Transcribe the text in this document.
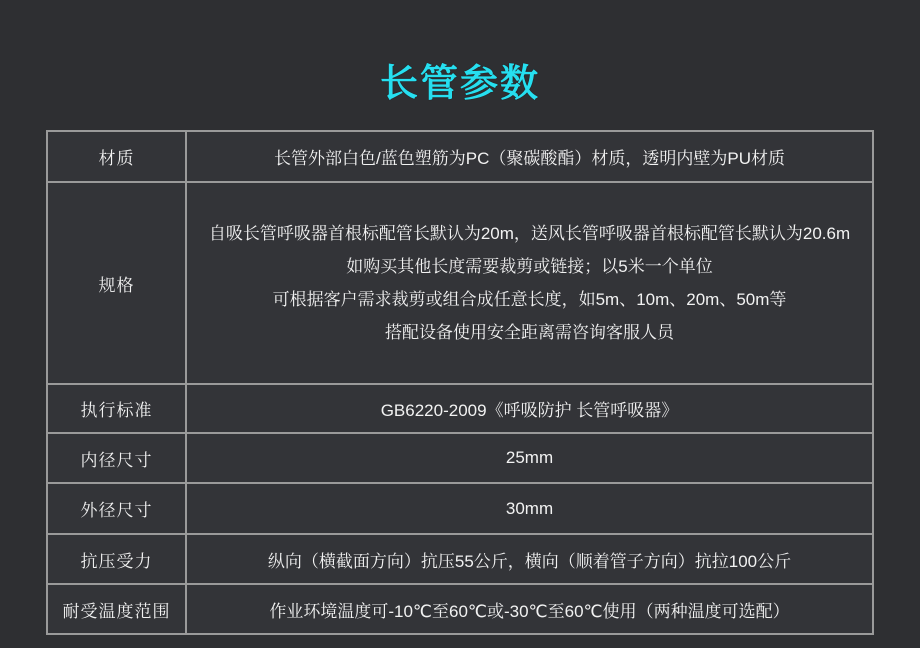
长管参数
材质	长管外部白色/蓝色塑筋为PC（聚碳酸酯）材质，透明内壁为PU材质
规格	自吸长管呼吸器首根标配管长默认为20m，送风长管呼吸器首根标配管长默认为20.6m
如购买其他长度需要裁剪或链接；以5米一个单位
可根据客户需求裁剪或组合成任意长度，如5m、10m、20m、50m等
搭配设备使用安全距离需咨询客服人员

执行标准	GB6220-2009《呼吸防护 长管呼吸器》
内径尺寸	25mm
外径尺寸	30mm
抗压受力	纵向（横截面方向）抗压55公斤，横向（顺着管子方向）抗拉100公斤
耐受温度范围	作业环境温度可-10℃至60℃或-30℃至60℃使用（两种温度可选配）
